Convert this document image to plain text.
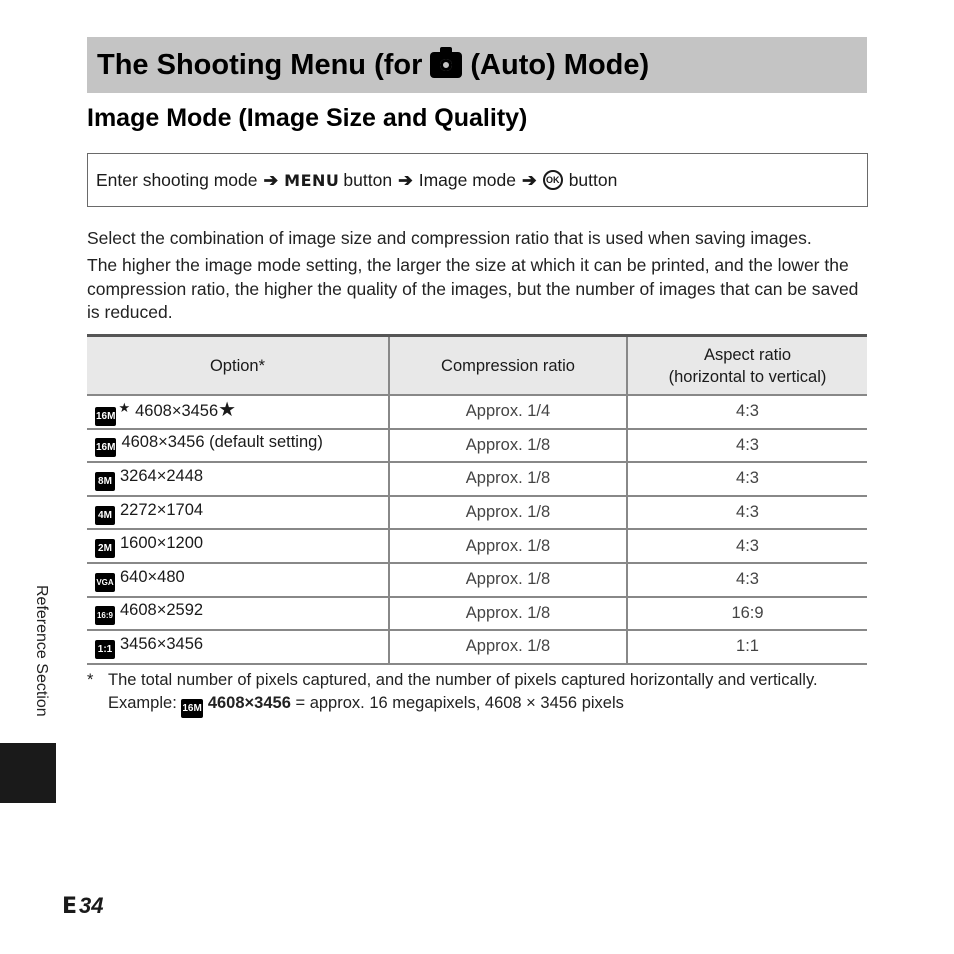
The Shooting Menu (for (Auto) Mode)
Image Mode (Image Size and Quality)
Enter shooting mode ➔ MENU button ➔ Image mode ➔	OK button

Select the combination of image size and compression ratio that is used when saving images.

The higher the image mode setting, the larger the size at which it can be printed, and the lower the compression ratio, the higher the quality of the images, but the number of images that can be saved is reduced.

Option*	Compression ratio	Aspect ratio
(horizontal to vertical)
16M★ 4608×3456★	Approx. 1/4	4:3
16M 4608×3456 (default setting)	Approx. 1/8	4:3
8M 3264×2448	Approx. 1/8	4:3
4M 2272×1704	Approx. 1/8	4:3
2M 1600×1200	Approx. 1/8	4:3
VGA 640×480	Approx. 1/8	4:3
16:9 4608×2592	Approx. 1/8	16:9
1:1 3456×3456	Approx. 1/8	1:1
* The total number of pixels captured, and the number of pixels captured horizontally and vertically.
Example: 16M 4608×3456 = approx. 16 megapixels, 4608 × 3456 pixels
Reference Section
E 34
